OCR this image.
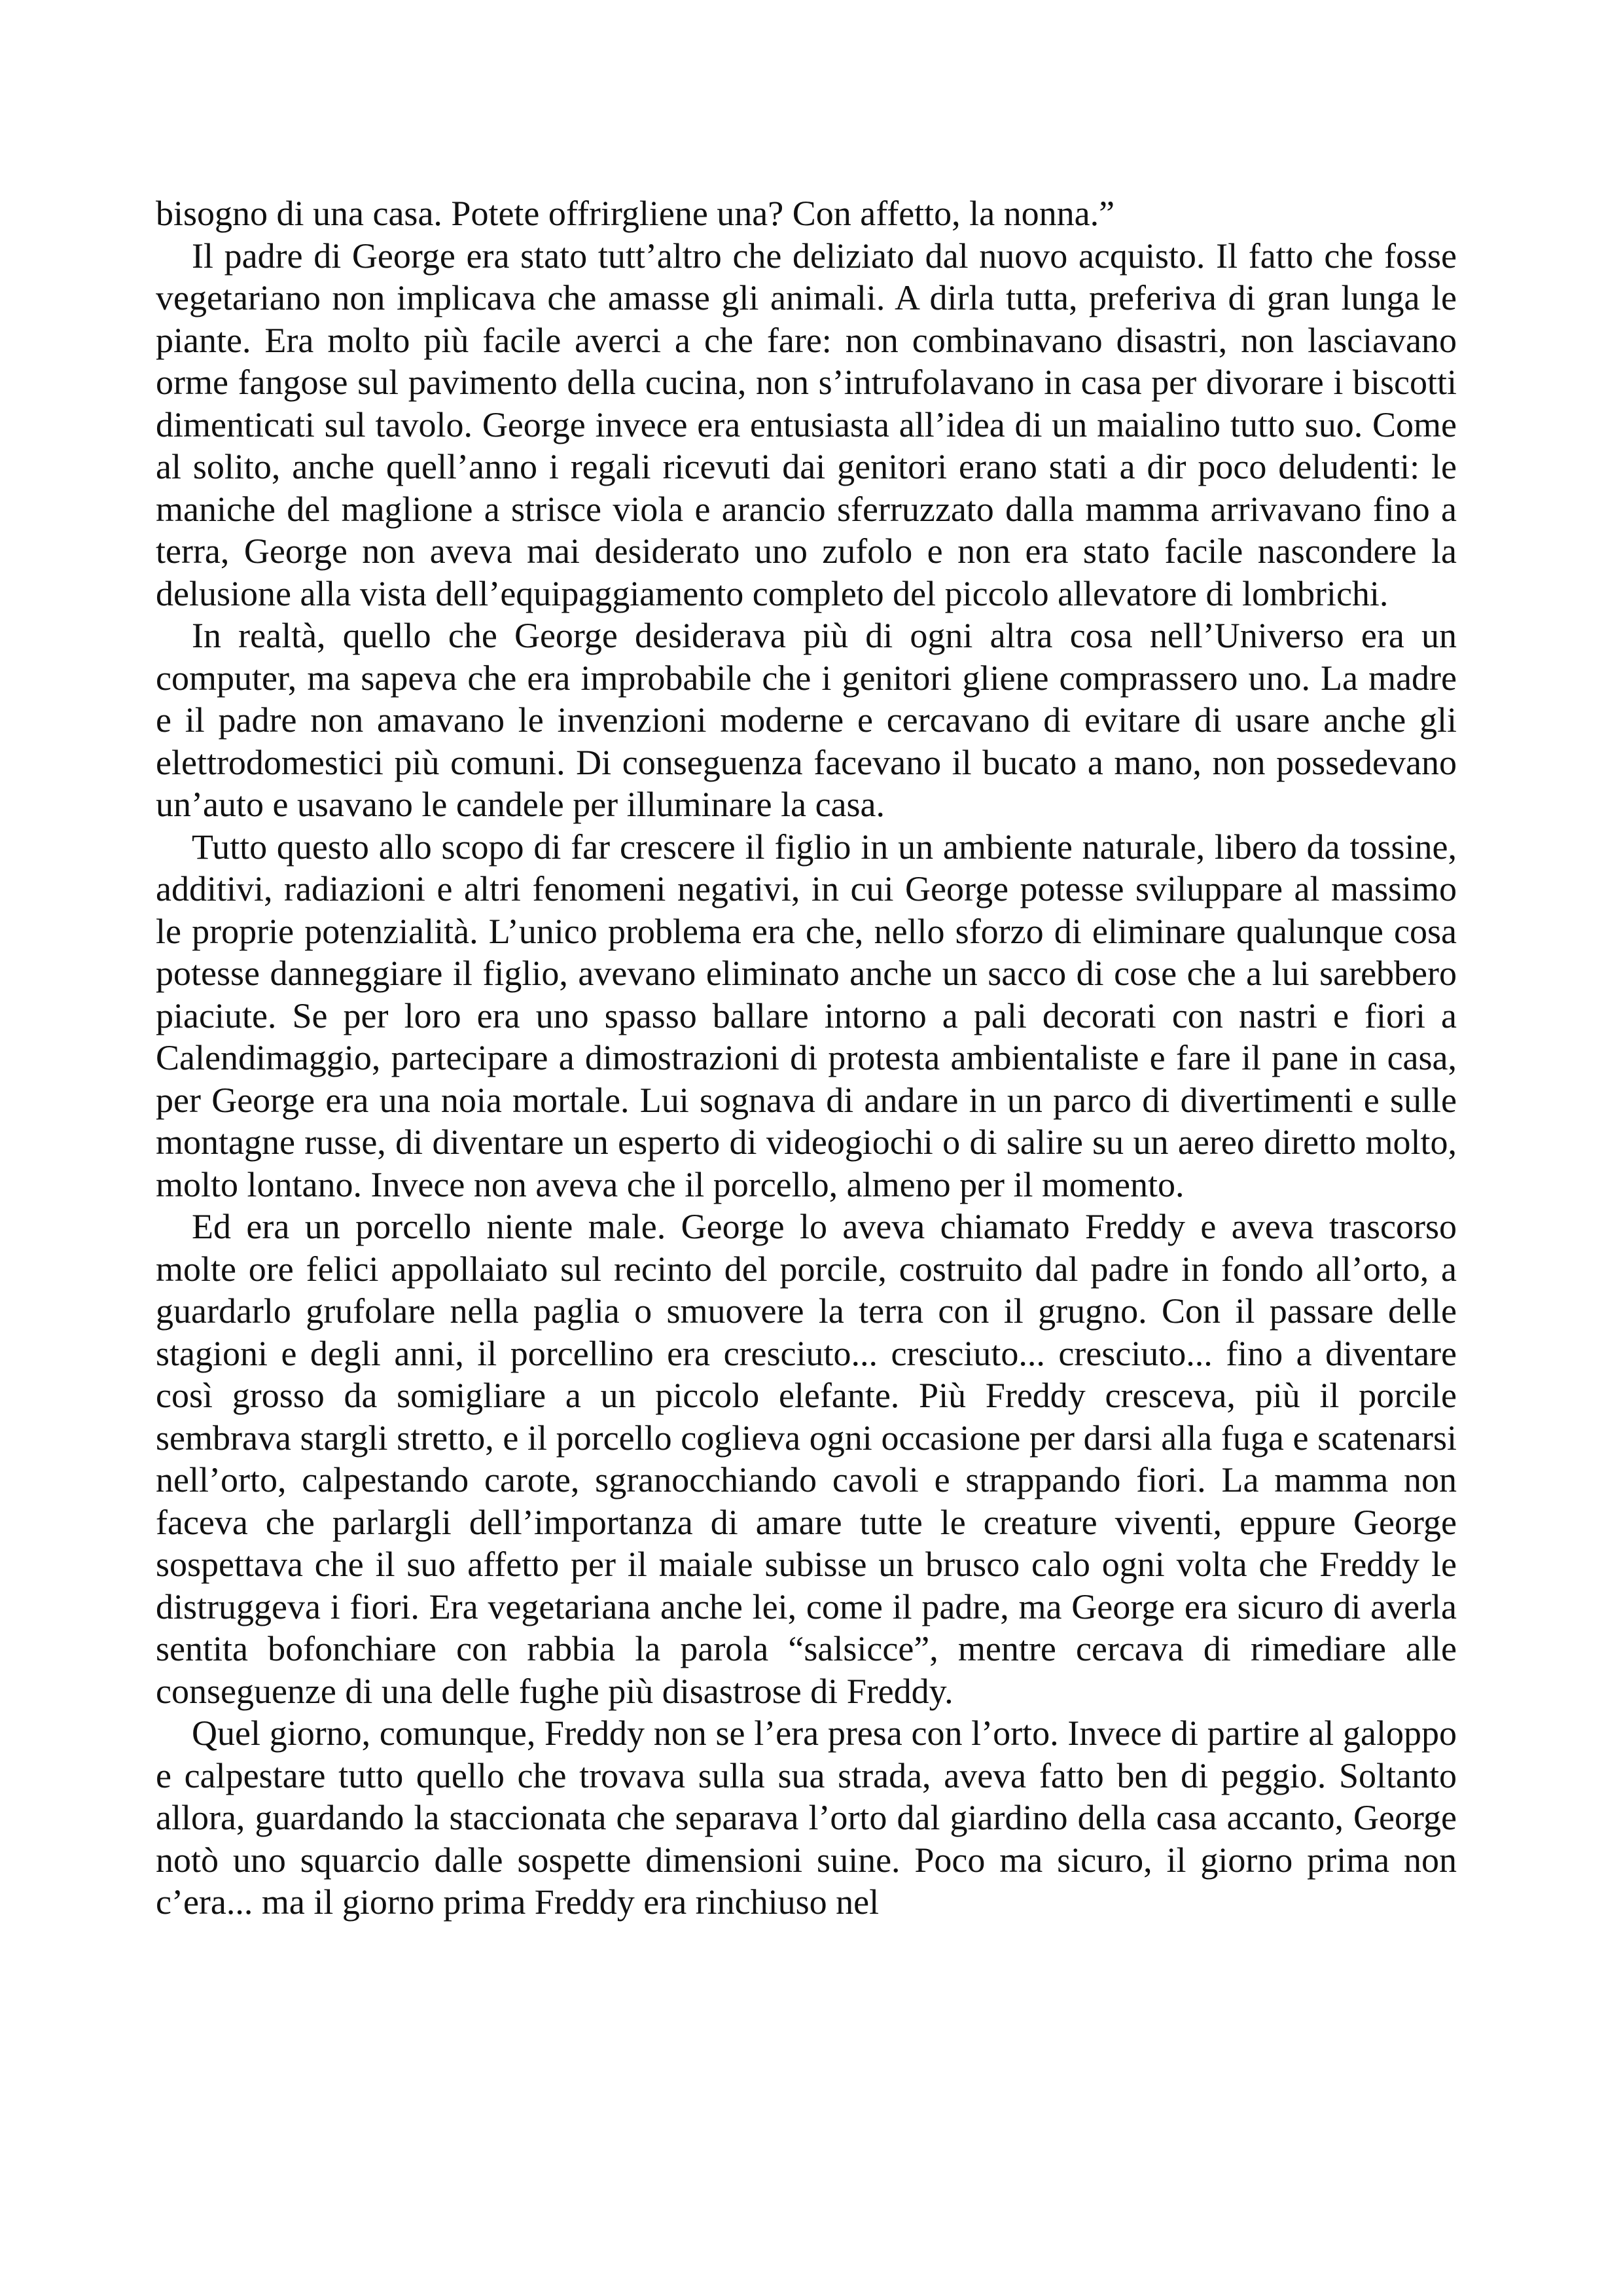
bisogno di una casa. Potete offrirgliene una? Con affetto, la nonna.”

Il padre di George era stato tutt’altro che deliziato dal nuovo acquisto. Il fatto che fosse vegetariano non implicava che amasse gli animali. A dirla tutta, preferiva di gran lunga le piante. Era molto più facile averci a che fare: non combinavano disastri, non lasciavano orme fangose sul pavimento della cucina, non s’intrufolavano in casa per divorare i biscotti dimenticati sul tavolo. George invece era entusiasta all’idea di un maialino tutto suo. Come al solito, anche quell’anno i regali ricevuti dai genitori erano stati a dir poco deludenti: le maniche del maglione a strisce viola e arancio sferruzzato dalla mamma arrivavano fino a terra, George non aveva mai desiderato uno zufolo e non era stato facile nascondere la delusione alla vista dell’equipaggiamento completo del piccolo allevatore di lombrichi.

In realtà, quello che George desiderava più di ogni altra cosa nell’Universo era un computer, ma sapeva che era improbabile che i genitori gliene comprassero uno. La madre e il padre non amavano le invenzioni moderne e cercavano di evitare di usare anche gli elettrodomestici più comuni. Di conseguenza facevano il bucato a mano, non possedevano un’auto e usavano le candele per illuminare la casa.

Tutto questo allo scopo di far crescere il figlio in un ambiente naturale, libero da tossine, additivi, radiazioni e altri fenomeni negativi, in cui George potesse sviluppare al massimo le proprie potenzialità. L’unico problema era che, nello sforzo di eliminare qualunque cosa potesse danneggiare il figlio, avevano eliminato anche un sacco di cose che a lui sarebbero piaciute. Se per loro era uno spasso ballare intorno a pali decorati con nastri e fiori a Calendimaggio, partecipare a dimostrazioni di protesta ambientaliste e fare il pane in casa, per George era una noia mortale. Lui sognava di andare in un parco di divertimenti e sulle montagne russe, di diventare un esperto di videogiochi o di salire su un aereo diretto molto, molto lontano. Invece non aveva che il porcello, almeno per il momento.

Ed era un porcello niente male. George lo aveva chiamato Freddy e aveva trascorso molte ore felici appollaiato sul recinto del porcile, costruito dal padre in fondo all’orto, a guardarlo grufolare nella paglia o smuovere la terra con il grugno. Con il passare delle stagioni e degli anni, il porcellino era cresciuto... cresciuto... cresciuto... fino a diventare così grosso da somigliare a un piccolo elefante. Più Freddy cresceva, più il porcile sembrava stargli stretto, e il porcello coglieva ogni occasione per darsi alla fuga e scatenarsi nell’orto, calpestando carote, sgranocchiando cavoli e strappando fiori. La mamma non faceva che parlargli dell’importanza di amare tutte le creature viventi, eppure George sospettava che il suo affetto per il maiale subisse un brusco calo ogni volta che Freddy le distruggeva i fiori. Era vegetariana anche lei, come il padre, ma George era sicuro di averla sentita bofonchiare con rabbia la parola “salsicce”, mentre cercava di rimediare alle conseguenze di una delle fughe più disastrose di Freddy.

Quel giorno, comunque, Freddy non se l’era presa con l’orto. Invece di partire al galoppo e calpestare tutto quello che trovava sulla sua strada, aveva fatto ben di peggio. Soltanto allora, guardando la staccionata che separava l’orto dal giardino della casa accanto, George notò uno squarcio dalle sospette dimensioni suine. Poco ma sicuro, il giorno prima non c’era... ma il giorno prima Freddy era rinchiuso nel
